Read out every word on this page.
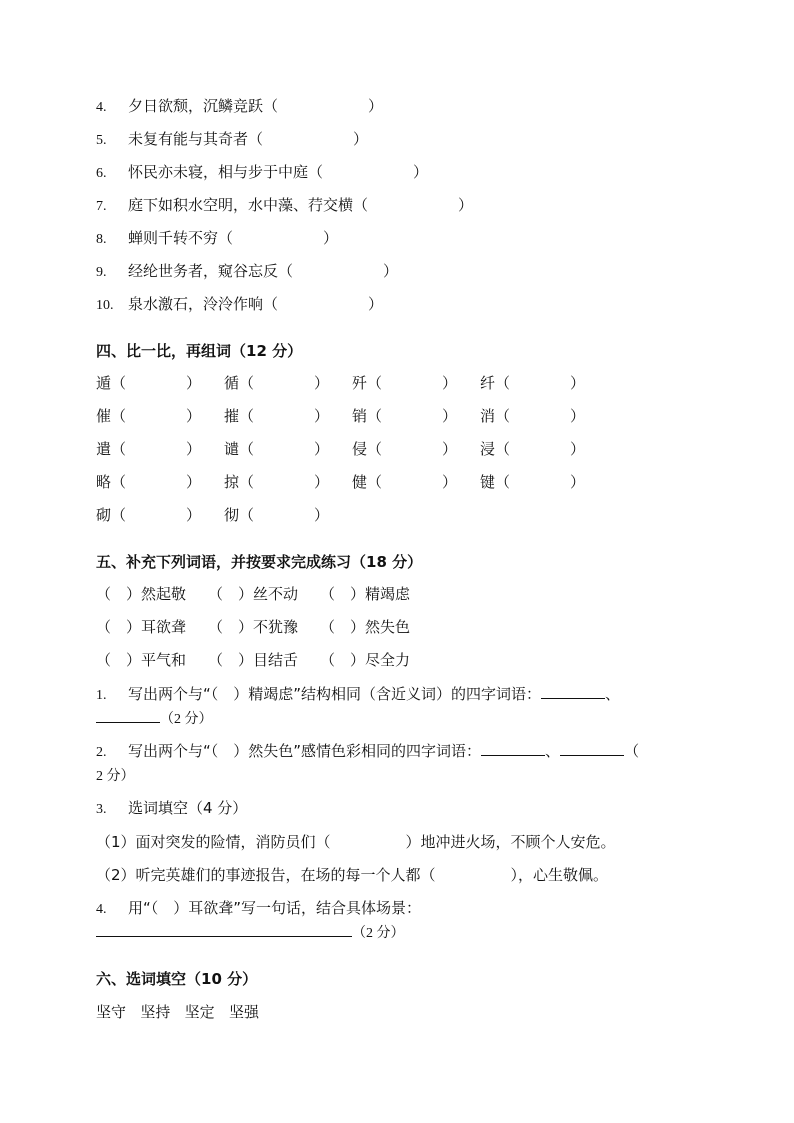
4. 夕日欲颓，沉鳞竞跃（　　　　　　）
5. 未复有能与其奇者（　　　　　　）
6. 怀民亦未寝，相与步于中庭（　　　　　　）
7. 庭下如积水空明，水中藻、荇交横（　　　　　　）
8. 蝉则千转不穷（　　　　　　）
9. 经纶世务者，窥谷忘反（　　　　　　）
10. 泉水激石，泠泠作响（　　　　　　）
四、比一比，再组词（12 分）
遁（　　　　） 循（　　　　） 歼（　　　　） 纤（　　　　）
催（　　　　） 摧（　　　　） 销（　　　　） 消（　　　　）
遣（　　　　） 谴（　　　　） 侵（　　　　） 浸（　　　　）
略（　　　　） 掠（　　　　） 健（　　　　） 键（　　　　）
砌（　　　　） 彻（　　　　）
五、补充下列词语，并按要求完成练习（18 分）
（　）然起敬 （　）丝不动 （　）精竭虑
（　）耳欲聋 （　）不犹豫 （　）然失色
（　）平气和 （　）目结舌 （　）尽全力
1. 写出两个与“（　）精竭虑”结构相同（含近义词）的四字词语：	、
（2 分）
2. 写出两个与“（　）然失色”感情色彩相同的四字词语：	、	（
2 分）
3. 选词填空（4 分）
（1）面对突发的险情，消防员们（　　　　　）地冲进火场，不顾个人安危。
（2）听完英雄们的事迹报告，在场的每一个人都（　　　　　），心生敬佩。
4. 用“（　）耳欲聋”写一句话，结合具体场景：
（2 分）
六、选词填空（10 分）
坚守 坚持 坚定 坚强
